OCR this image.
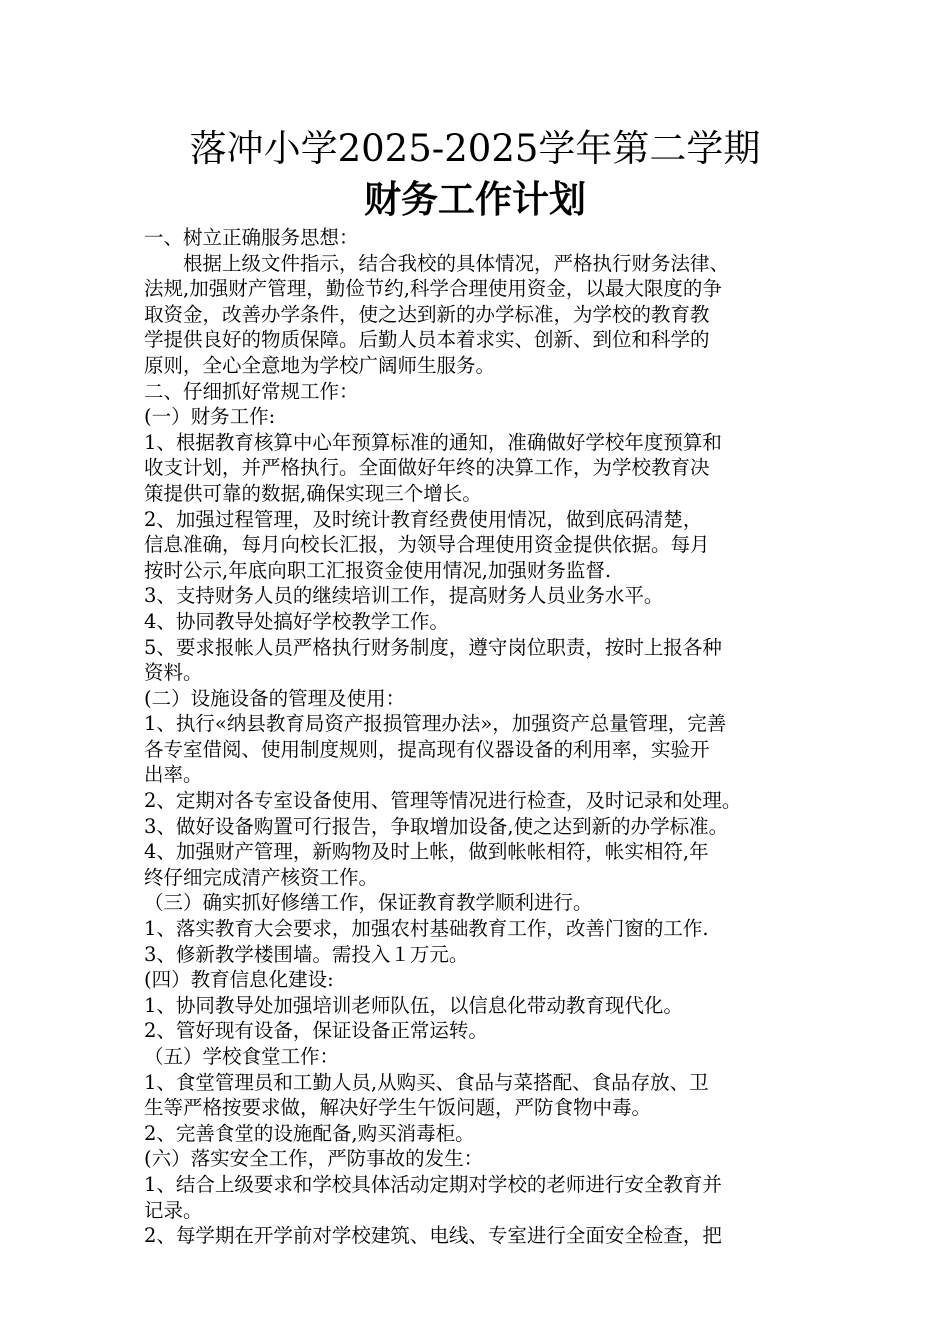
落冲小学2025-2025学年第二学期
财务工作计划
一、树立正确服务思想：
根据上级文件指示，结合我校的具体情况，严格执行财务法律、
法规,加强财产管理，勤俭节约,科学合理使用资金，以最大限度的争
取资金，改善办学条件，使之达到新的办学标准，为学校的教育教
学提供良好的物质保障。后勤人员本着求实、创新、到位和科学的
原则，全心全意地为学校广阔师生服务。
二、仔细抓好常规工作：
(一）财务工作:
1、根据教育核算中心年预算标准的通知，准确做好学校年度预算和
收支计划，并严格执行。全面做好年终的决算工作，为学校教育决
策提供可靠的数据,确保实现三个增长。
2、加强过程管理，及时统计教育经费使用情况，做到底码清楚，
信息准确，每月向校长汇报，为领导合理使用资金提供依据。每月
按时公示,年底向职工汇报资金使用情况,加强财务监督.
3、支持财务人员的继续培训工作，提高财务人员业务水平。
4、协同教导处搞好学校教学工作。
5、要求报帐人员严格执行财务制度，遵守岗位职责，按时上报各种
资料。
(二）设施设备的管理及使用：
1、执行«纳县教育局资产报损管理办法»，加强资产总量管理，完善
各专室借阅、使用制度规则，提高现有仪器设备的利用率，实验开
出率。
2、定期对各专室设备使用、管理等情况进行检查，及时记录和处理。
3、做好设备购置可行报告，争取增加设备,使之达到新的办学标准。
4、加强财产管理，新购物及时上帐，做到帐帐相符，帐实相符,年
终仔细完成清产核资工作。
（三）确实抓好修缮工作，保证教育教学顺利进行。
1、落实教育大会要求，加强农村基础教育工作，改善门窗的工作.
3、修新教学楼围墙。需投入１万元。
(四）教育信息化建设:
1、协同教导处加强培训老师队伍，以信息化带动教育现代化。
2、管好现有设备，保证设备正常运转。
（五）学校食堂工作：
1、食堂管理员和工勤人员,从购买、食品与菜搭配、食品存放、卫
生等严格按要求做，解决好学生午饭问题，严防食物中毒。
2、完善食堂的设施配备,购买消毒柜。
(六）落实安全工作，严防事故的发生：
1、结合上级要求和学校具体活动定期对学校的老师进行安全教育并
记录。
2、每学期在开学前对学校建筑、电线、专室进行全面安全检查，把
